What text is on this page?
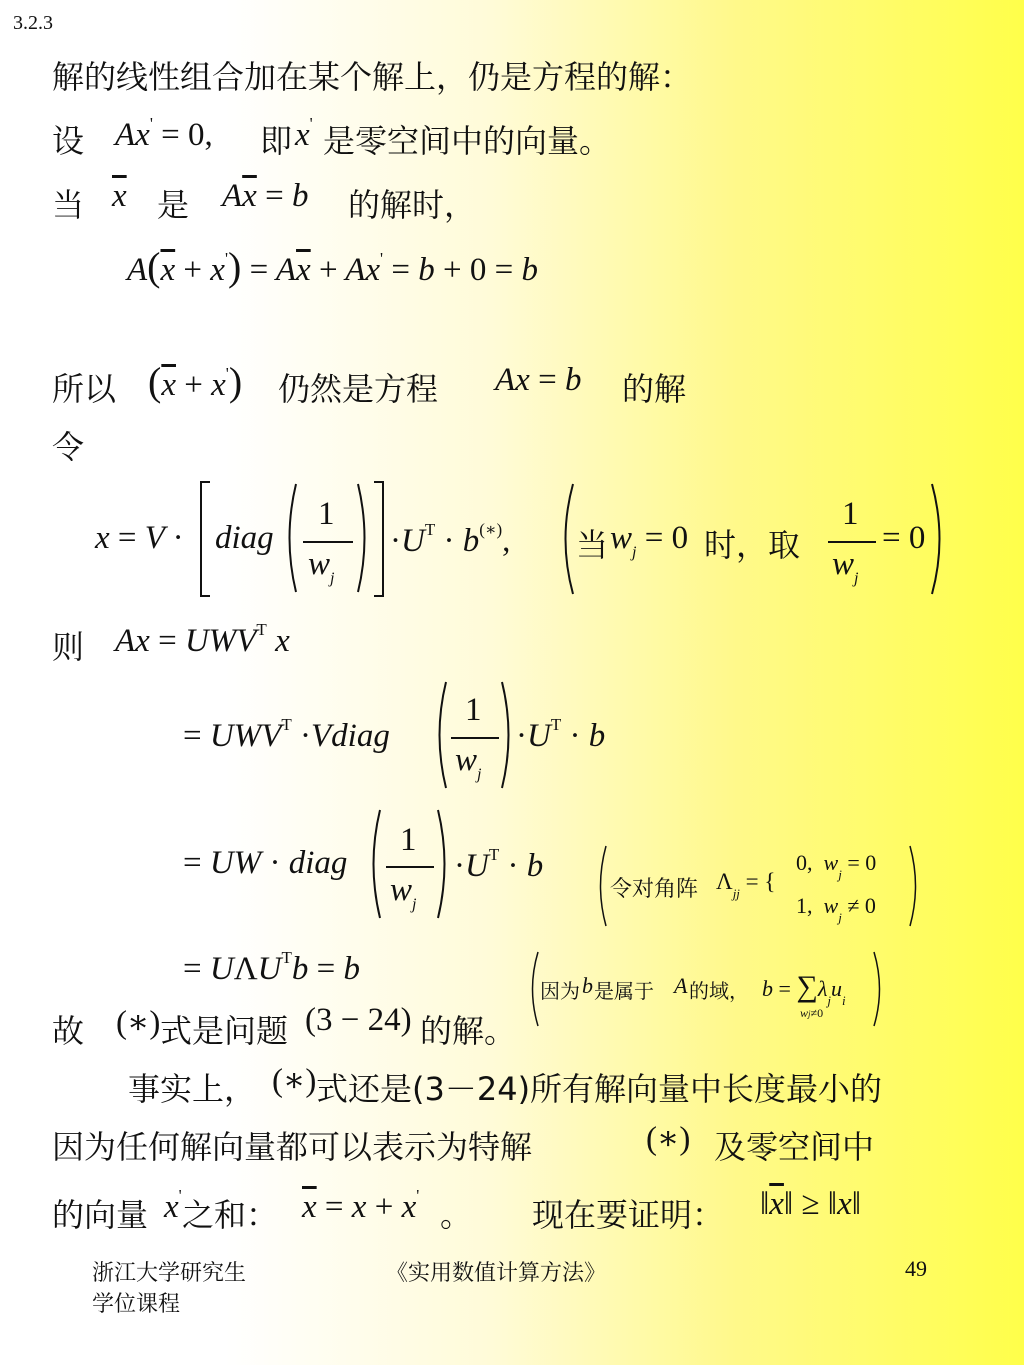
3.2.3
解的线性组合加在某个解上，仍是方程的解：
设 Ax' = 0, 即 x' 是零空间中的向量。
当 $\overline{x}$ 是 $A\overline{x} = b$ 的解时，
$A(\overline{x} + x') = A\overline{x} + Ax' = b + 0 = b$
所以 $(\overline{x} + x')$ 仍然是方程 Ax = b 的解
令
x = V · diag
1
$w_j$
$\cdot U^T \cdot b^{(∗)}$, 当 $w_j = 0$ 时，取
1
$w_j$
= 0
则 $Ax = UWV^T$ x
= $UWV^T$ ·Vdiag
1
$w_j$
$\cdot U^T \cdot b$
= UW · diag
1
$w_j$
$\cdot U^T \cdot b$
令对角阵 $\Lambda_{jj}$ = {
0,  $w_j = 0$
1,  $w_j \ne 0$
= $U\Lambda U^Tb = b$
因为 b 是属于 A 的域， $b = \sum\lambda_ju_i$
wj≠0
故 (∗) 式是问题 (3 − 24) 的解。
事实上， (∗) 式还是(3－24)所有解向量中长度最小的
因为任何解向量都可以表示为特解	(∗) 及零空间中
的向量 x'
之和： $\overline{x} = x + x'$
。 现在要证明： $‖\overline{x}‖$ ≥ ‖x‖
浙江大学研究生
学位课程
《实用数值计算方法》	49
